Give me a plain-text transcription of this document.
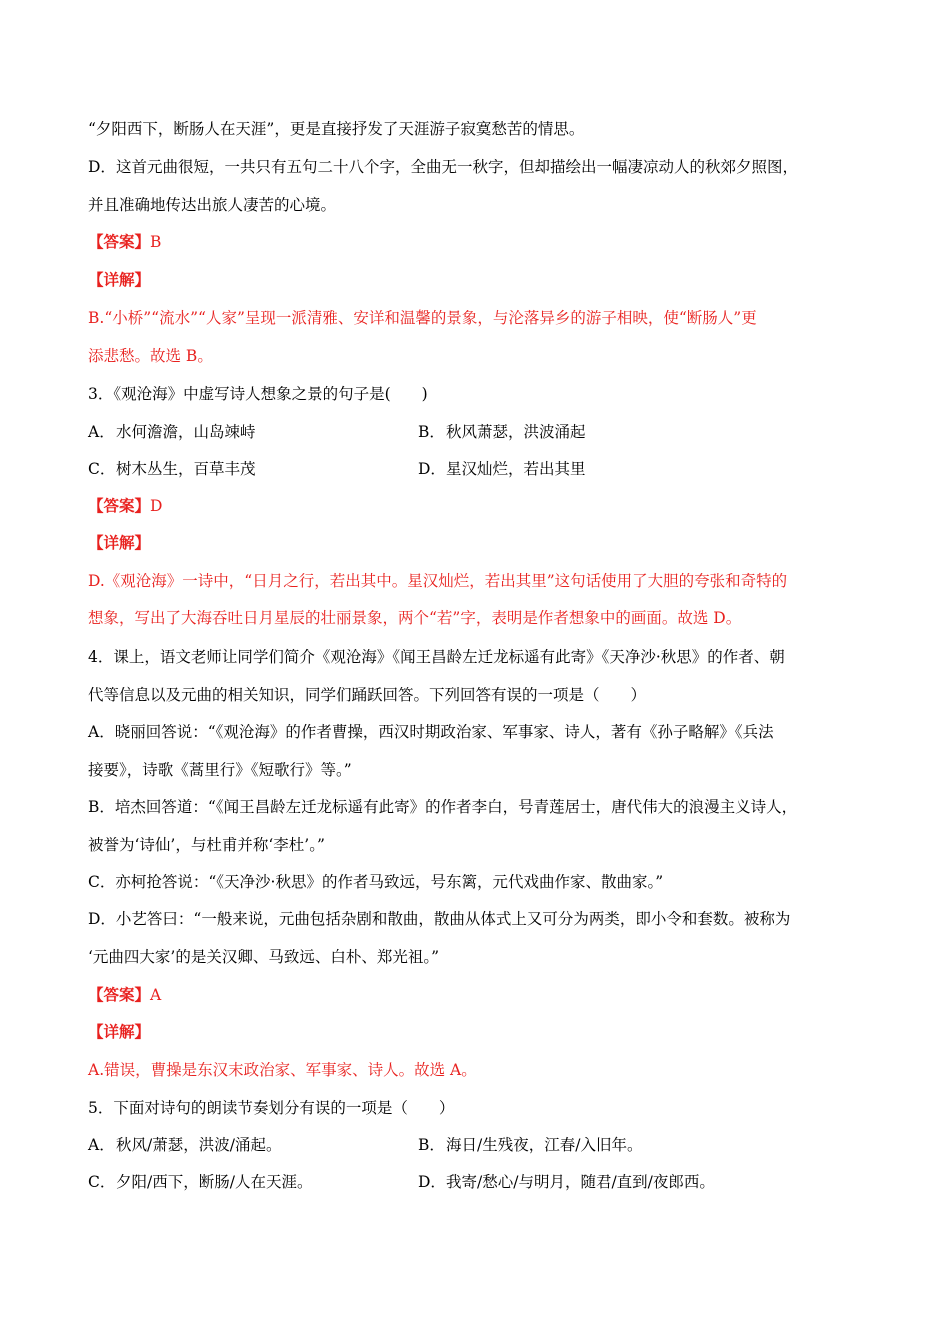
“夕阳西下，断肠人在天涯”，更是直接抒发了天涯游子寂寞愁苦的情思。
D．这首元曲很短，一共只有五句二十八个字，全曲无一秋字，但却描绘出一幅凄凉动人的秋郊夕照图，
并且准确地传达出旅人凄苦的心境。
【答案】B
【详解】
B.“小桥”“流水”“人家”呈现一派清雅、安详和温馨的景象，与沦落异乡的游子相映，使“断肠人”更
添悲愁。故选 B。
3．《观沧海》中虚写诗人想象之景的句子是(　　)
A．水何澹澹，山岛竦峙	B．秋风萧瑟，洪波涌起
C．树木丛生，百草丰茂	D．星汉灿烂，若出其里
【答案】D
【详解】
D.《观沧海》一诗中，“日月之行，若出其中。星汉灿烂，若出其里”这句话使用了大胆的夸张和奇特的
想象，写出了大海吞吐日月星辰的壮丽景象，两个“若”字，表明是作者想象中的画面。故选 D。
4．课上，语文老师让同学们简介《观沧海》《闻王昌龄左迁龙标遥有此寄》《天净沙·秋思》的作者、朝
代等信息以及元曲的相关知识，同学们踊跃回答。下列回答有误的一项是（　　）
A．晓丽回答说：“《观沧海》的作者曹操，西汉时期政治家、军事家、诗人，著有《孙子略解》《兵法
接要》，诗歌《蒿里行》《短歌行》等。”
B．培杰回答道：“《闻王昌龄左迁龙标遥有此寄》的作者李白，号青莲居士，唐代伟大的浪漫主义诗人，
被誉为‘诗仙’，与杜甫并称‘李杜’。”
C．亦柯抢答说：“《天净沙·秋思》的作者马致远，号东篱，元代戏曲作家、散曲家。”
D．小艺答曰：“一般来说，元曲包括杂剧和散曲，散曲从体式上又可分为两类，即小令和套数。被称为
‘元曲四大家’的是关汉卿、马致远、白朴、郑光祖。”
【答案】A
【详解】
A.错误，曹操是东汉末政治家、军事家、诗人。故选 A。
5．下面对诗句的朗读节奏划分有误的一项是（　　）
A．秋风/萧瑟，洪波/涌起。	B．海日/生残夜，江春/入旧年。
C．夕阳/西下，断肠/人在天涯。	D．我寄/愁心/与明月，随君/直到/夜郎西。
